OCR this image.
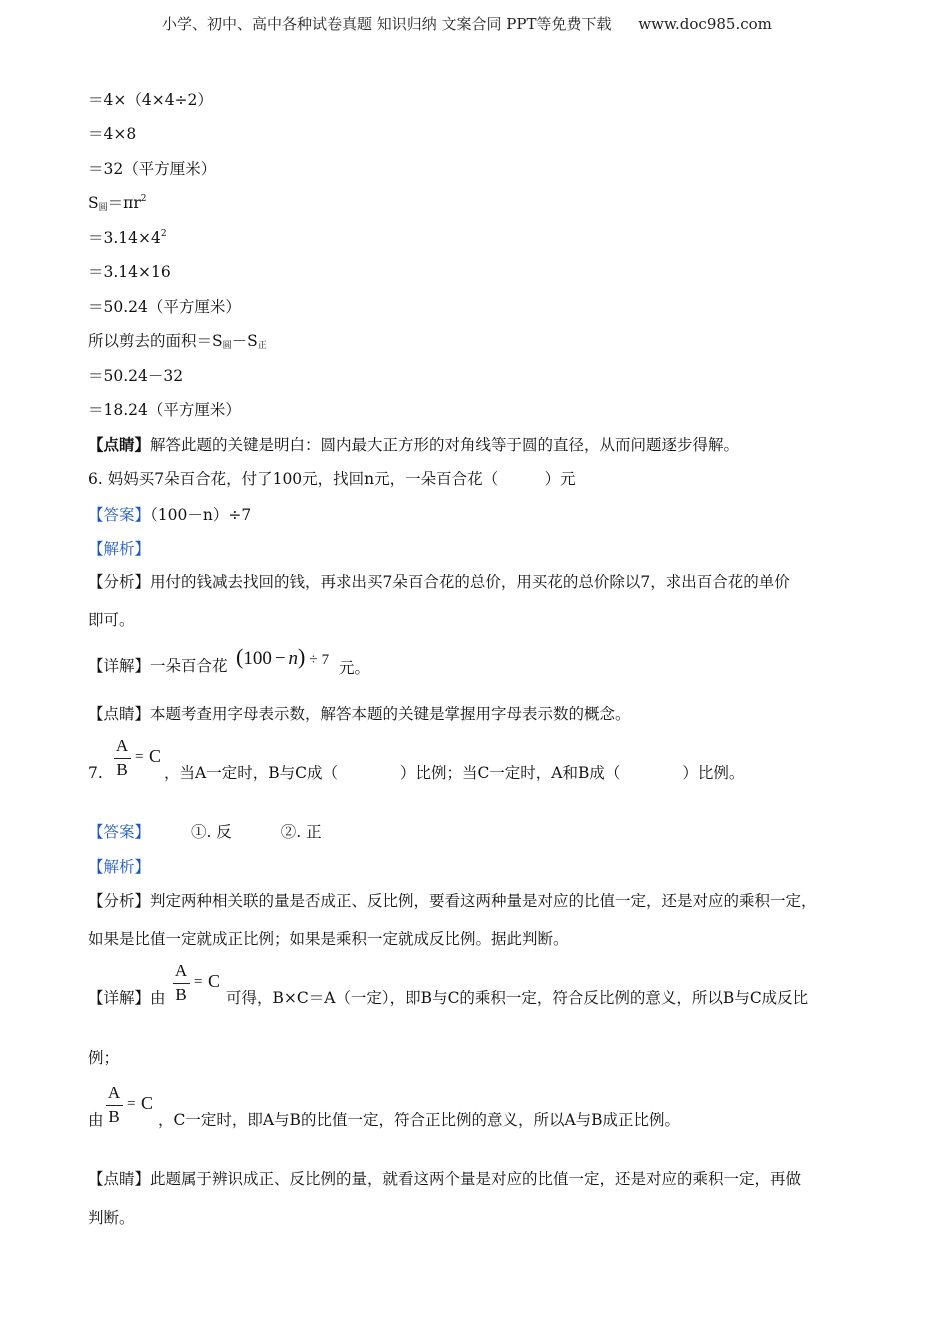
小学、初中、高中各种试卷真题 知识归纳 文案合同 PPT等免费下载 www.doc985.com
＝4×（4×4÷2）
＝4×8
＝32（平方厘米）
S圆$=\pi r^2$
$=3.14\times 4^2$
＝3.14×16
＝50.24（平方厘米）
所以剪去的面积＝S圆－S正
＝50.24－32
＝18.24（平方厘米）
【点睛】解答此题的关键是明白：圆内最大正方形的对角线等于圆的直径，从而问题逐步得解。
6. 妈妈买7朵百合花，付了100元，找回n元，一朵百合花（　　　）元
【答案】（100－n）÷7
【解析】
【分析】用付的钱减去找回的钱，再求出买7朵百合花的总价，用买花的总价除以7，求出百合花的单价
即可。
【详解】一朵百合花 (100 − n) ÷ 7 元。
【点睛】本题考查用字母表示数，解答本题的关键是掌握用字母表示数的概念。
7.
A
B
= C
，当A一定时，B与C成（　　　　）比例；当C一定时，A和B成（　　　　）比例。
【答案】	①. 反	②. 正
【解析】
【分析】判定两种相关联的量是否成正、反比例，要看这两种量是对应的比值一定，还是对应的乘积一定，
如果是比值一定就成正比例；如果是乘积一定就成反比例。据此判断。
【详解】由
A
B
= C
可得，B×C＝A（一定），即B与C的乘积一定，符合反比例的意义，所以B与C成反比
例；
由
A
B
= C
，C一定时，即A与B的比值一定，符合正比例的意义，所以A与B成正比例。
【点睛】此题属于辨识成正、反比例的量，就看这两个量是对应的比值一定，还是对应的乘积一定，再做
判断。
